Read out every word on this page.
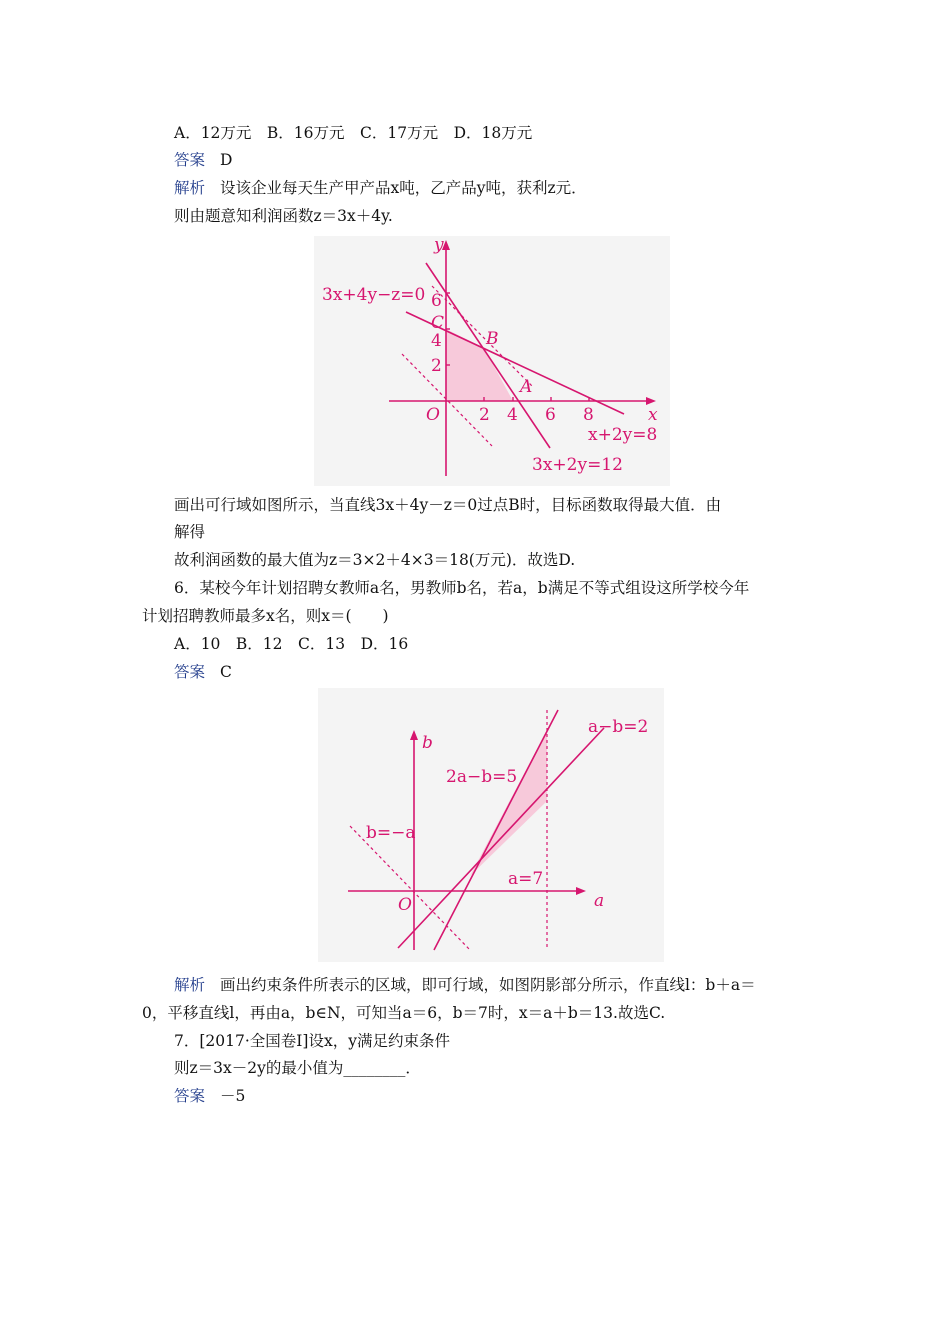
A．12万元　B．16万元　C．17万元　D．18万元
答案 D
解析 设该企业每天生产甲产品x吨，乙产品y吨，获利z元．
则由题意知利润函数z＝3x＋4y.
3x+4y−z=0
y
x
O 2 4 6 8
2
4
6
C
B
A
x+2y=8
3x+2y=12
画出可行域如图所示，当直线3x＋4y－z＝0过点B时，目标函数取得最大值．由
解得
故利润函数的最大值为z＝3×2＋4×3＝18(万元)．故选D.
6．某校今年计划招聘女教师a名，男教师b名，若a，b满足不等式组设这所学校今年
计划招聘教师最多x名，则x＝(　　)
A．10　B．12　C．13　D．16
答案 C
b
a
O
a−b=2
2a−b=5
b=−a
a=7
解析 画出约束条件所表示的区域，即可行域，如图阴影部分所示，作直线l：b＋a＝
0，平移直线l，再由a，b∈N，可知当a＝6，b＝7时，x＝a＋b＝13.故选C.
7．[2017·全国卷Ⅰ]设x，y满足约束条件
则z＝3x－2y的最小值为________．
答案 －5
